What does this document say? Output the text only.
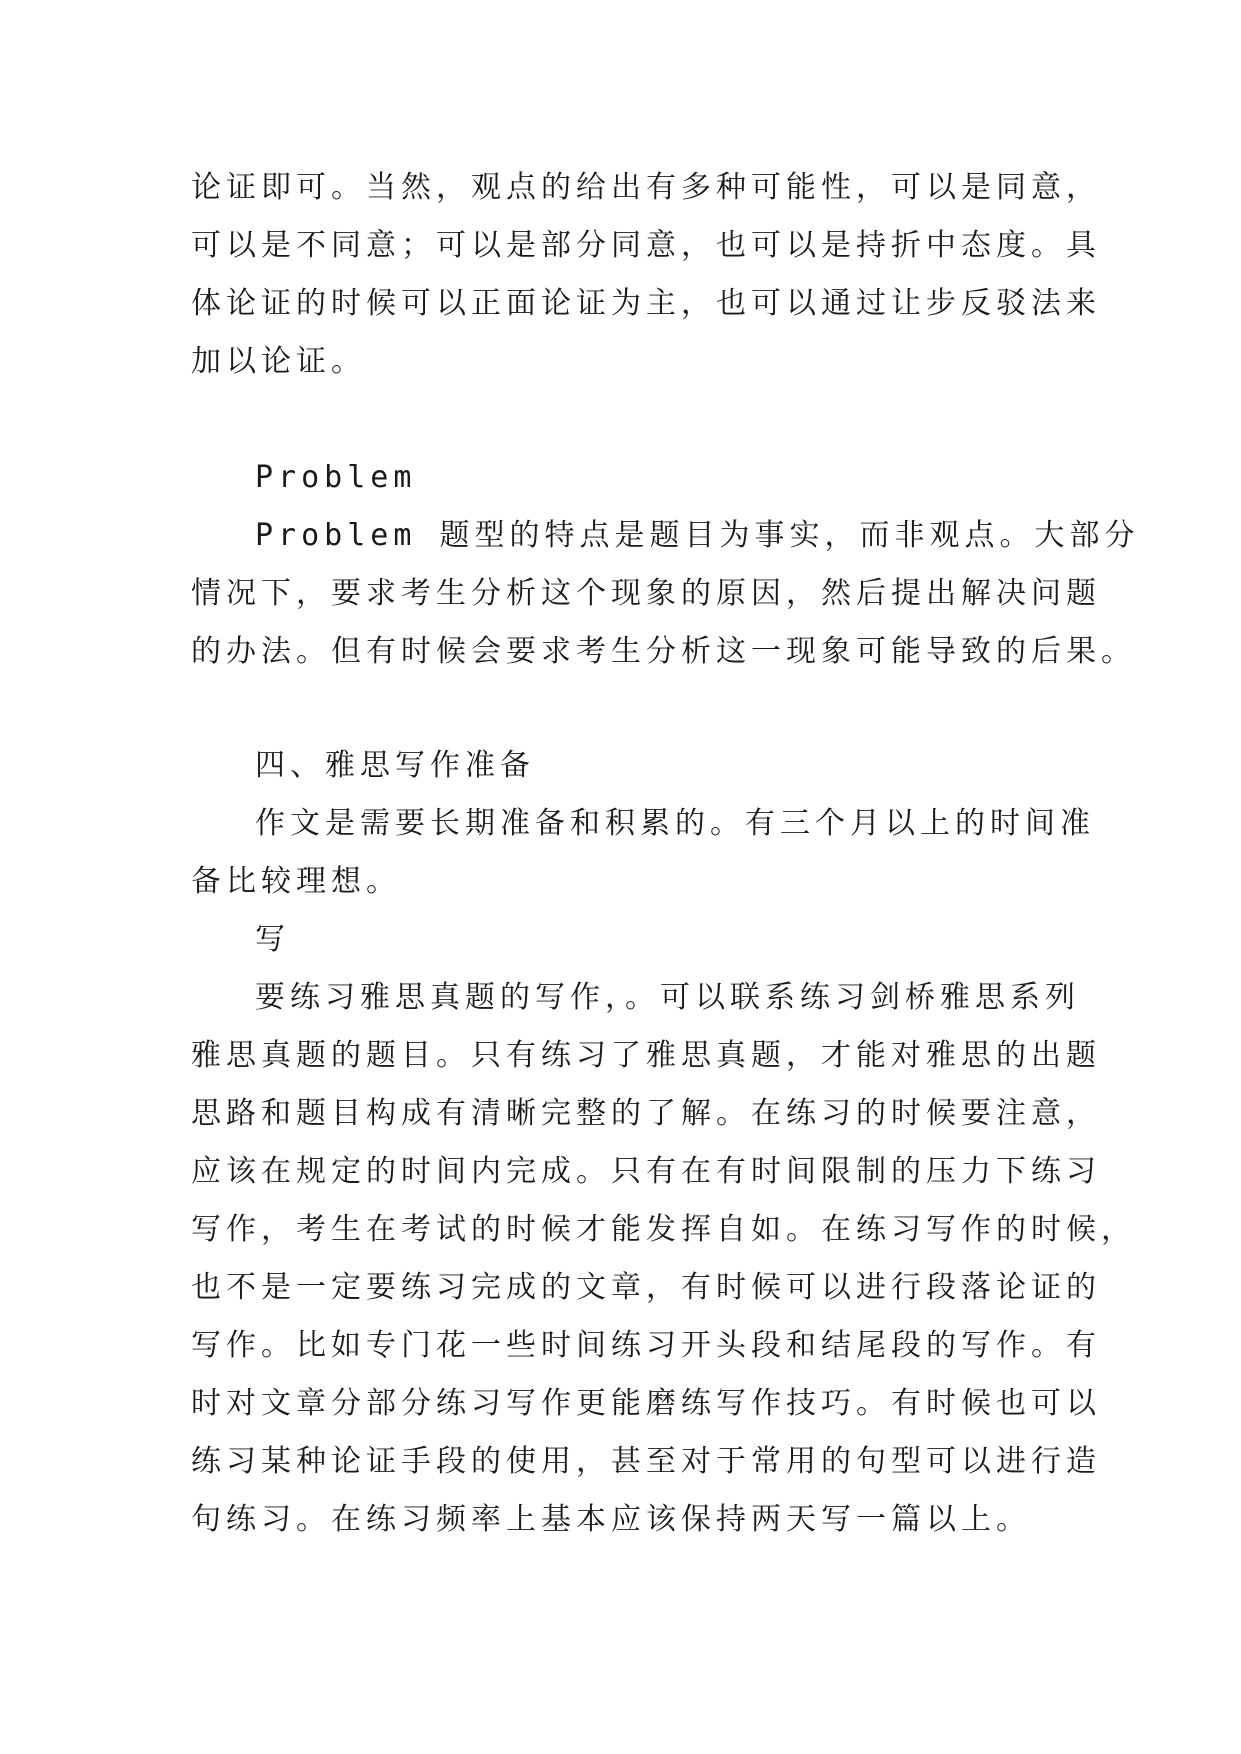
论证即可。当然，观点的给出有多种可能性，可以是同意，
可以是不同意；可以是部分同意，也可以是持折中态度。具
体论证的时候可以正面论证为主，也可以通过让步反驳法来
加以论证。
Problem
Problem 题型的特点是题目为事实，而非观点。大部分
情况下，要求考生分析这个现象的原因，然后提出解决问题
的办法。但有时候会要求考生分析这一现象可能导致的后果。
四、雅思写作准备
作文是需要长期准备和积累的。有三个月以上的时间准
备比较理想。
写
要练习雅思真题的写作，。可以联系练习剑桥雅思系列
雅思真题的题目。只有练习了雅思真题，才能对雅思的出题
思路和题目构成有清晰完整的了解。在练习的时候要注意，
应该在规定的时间内完成。只有在有时间限制的压力下练习
写作，考生在考试的时候才能发挥自如。在练习写作的时候，
也不是一定要练习完成的文章，有时候可以进行段落论证的
写作。比如专门花一些时间练习开头段和结尾段的写作。有
时对文章分部分练习写作更能磨练写作技巧。有时候也可以
练习某种论证手段的使用，甚至对于常用的句型可以进行造
句练习。在练习频率上基本应该保持两天写一篇以上。
